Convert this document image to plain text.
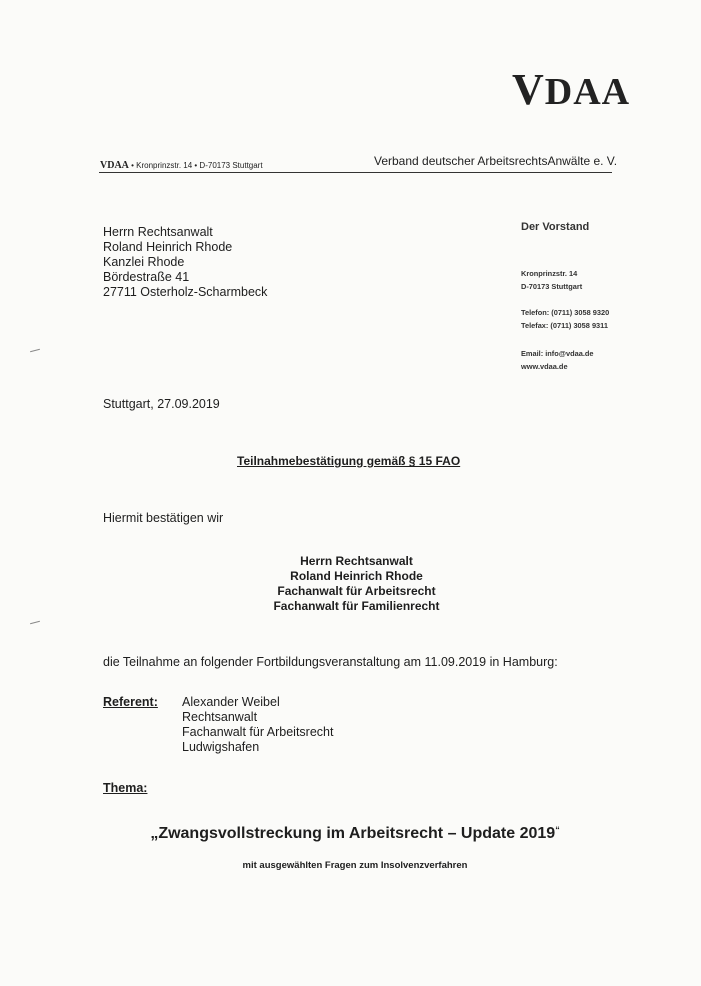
VDAA
VDAA • Kronprinzstr. 14 • D-70173 Stuttgart	Verband deutscher ArbeitsrechtsAnwälte e. V.
Herrn Rechtsanwalt
Roland Heinrich Rhode
Kanzlei Rhode
Bördestraße 41
27711 Osterholz-Scharmbeck
Der Vorstand
Kronprinzstr. 14
D-70173 Stuttgart
Telefon: (0711) 3058 9320
Telefax: (0711) 3058 9311
Email: info@vdaa.de
www.vdaa.de
Stuttgart, 27.09.2019
Teilnahmebestätigung gemäß § 15 FAO
Hiermit bestätigen wir
Herrn Rechtsanwalt
Roland Heinrich Rhode
Fachanwalt für Arbeitsrecht
Fachanwalt für Familienrecht
die Teilnahme an folgender Fortbildungsveranstaltung am 11.09.2019 in Hamburg:
Referent: Alexander Weibel
Rechtsanwalt
Fachanwalt für Arbeitsrecht
Ludwigshafen
Thema:
„Zwangsvollstreckung im Arbeitsrecht – Update 2019“
mit ausgewählten Fragen zum Insolvenzverfahren
